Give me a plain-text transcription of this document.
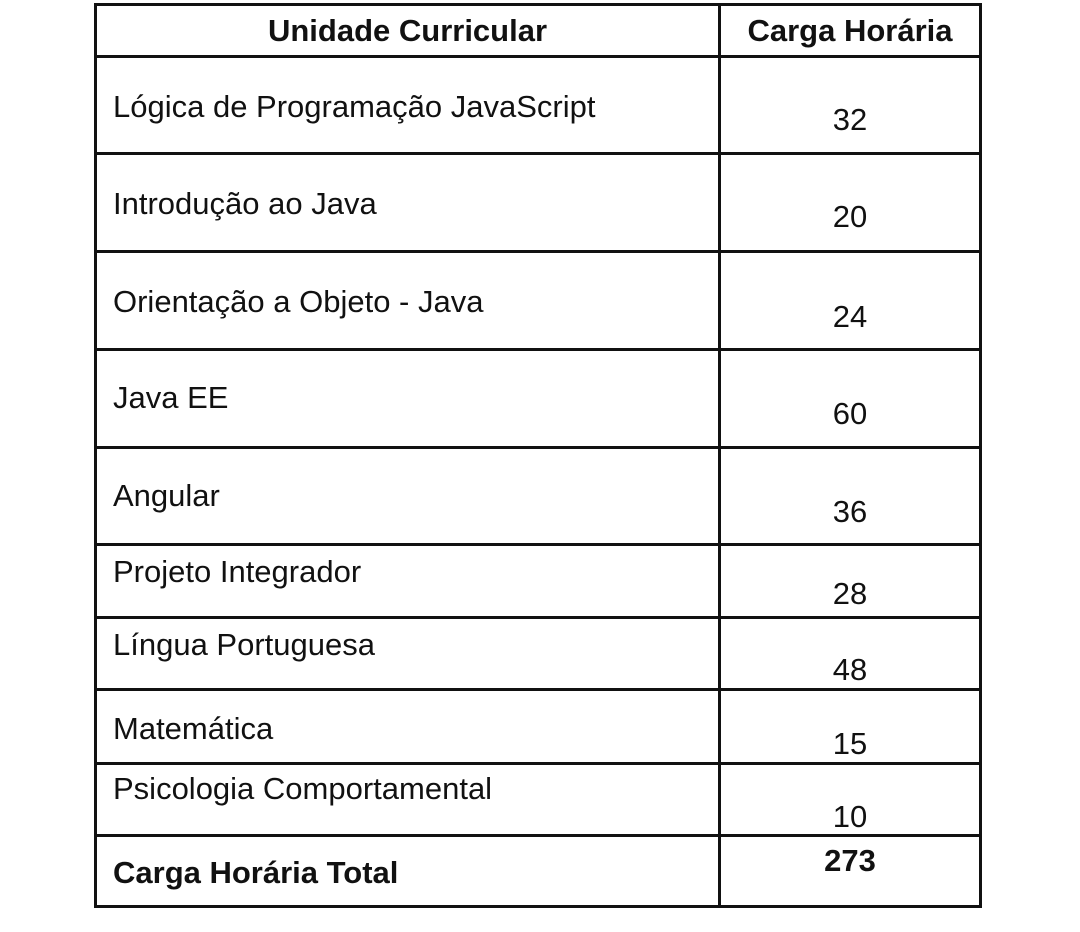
Unidade Curricular	Carga Horária

Lógica de Programação JavaScript	32

Introdução ao Java	20

Orientação a Objeto - Java	24

Java EE	60

Angular	36

Projeto Integrador	28

Língua Portuguesa	48

Matemática	15

Psicologia Comportamental	10

Carga Horária Total	273
